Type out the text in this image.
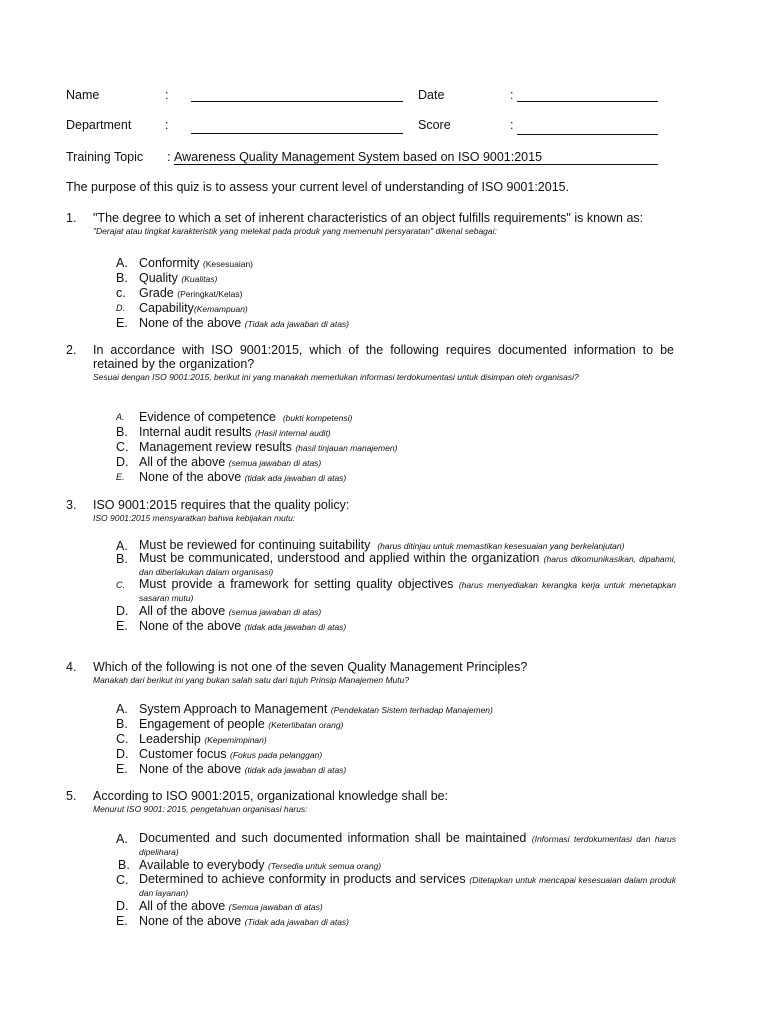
Name	:	Date	:
Department	:	Score	:
Training Topic : Awareness Quality Management System based on ISO 9001:2015
The purpose of this quiz is to assess your current level of understanding of ISO 9001:2015.
1. "The degree to which a set of inherent characteristics of an object fulfills requirements" is known as:
"Derajat atau tingkat karakteristik yang melekat pada produk yang memenuhi persyaratan" dikenal sebagai:
A. Conformity (Kesesuaian)
B. Quality (Kualitas)
c. Grade (Peringkat/Kelas)
D. Capability(Kemampuan)
E. None of the above (Tidak ada jawaban di atas)
2. In accordance with ISO 9001:2015, which of the following requires documented information to be retained by the organization?
Sesuai dengan ISO 9001:2015, berikut ini yang manakah memerlukan informasi terdokumentasi untuk disimpan oleh organisasi?
A. Evidence of competence (bukti kompetensi)
B. Internal audit results (Hasil internal audit)
C. Management review results (hasil tinjauan manajemen)
D. All of the above (semua jawaban di atas)
E. None of the above (tidak ada jawaban di atas)
3. ISO 9001:2015 requires that the quality policy:
ISO 9001:2015 mensyaratkan bahwa kebijakan mutu:
A. Must be reviewed for continuing suitability (harus ditinjau untuk memastikan kesesuaian yang berkelanjutan)
B. Must be communicated, understood and applied within the organization (harus dikomunikasikan, dipahami, dan diberlakukan dalam organisasi)
C. Must provide a framework for setting quality objectives (harus menyediakan kerangka kerja untuk menetapkan sasaran mutu)
D. All of the above (semua jawaban di atas)
E. None of the above (tidak ada jawaban di atas)
4. Which of the following is not one of the seven Quality Management Principles?
Manakah dari berikut ini yang bukan salah satu dari tujuh Prinsip Manajemen Mutu?
A. System Approach to Management (Pendekatan Sistem terhadap Manajemen)
B. Engagement of people (Keterlibatan orang)
C. Leadership (Kepemimpinan)
D. Customer focus (Fokus pada pelanggan)
E. None of the above (tidak ada jawaban di atas)
5. According to ISO 9001:2015, organizational knowledge shall be:
Menurut ISO 9001: 2015, pengetahuan organisasi harus:
A. Documented and such documented information shall be maintained (Informasi terdokumentasi dan harus dipelihara)
B. Available to everybody (Tersedia untuk semua orang)
C. Determined to achieve conformity in products and services (Ditetapkan untuk mencapai kesesuaian dalam produk dan layanan)
D. All of the above (Semua jawaban di atas)
E. None of the above (Tidak ada jawaban di atas)
